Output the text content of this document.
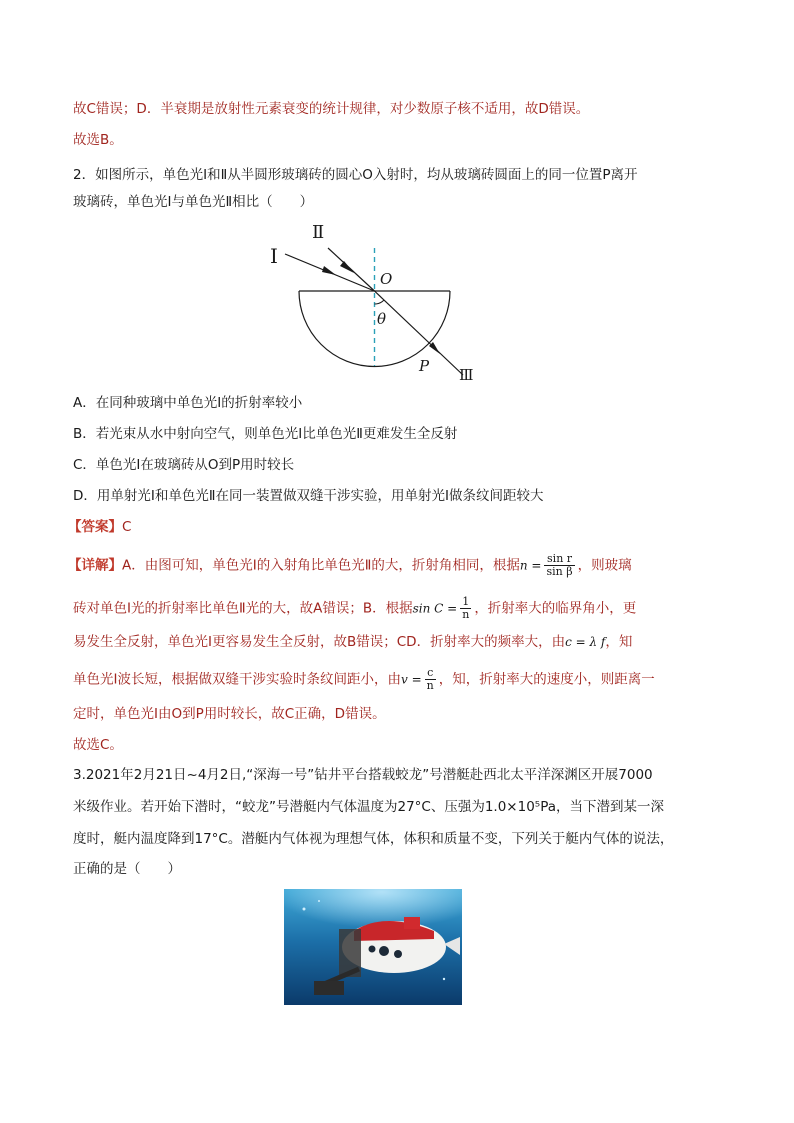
故C错误；D．半衰期是放射性元素衰变的统计规律，对少数原子核不适用，故D错误。
故选B。
2．如图所示，单色光Ⅰ和Ⅱ从半圆形玻璃砖的圆心O入射时，均从玻璃砖圆面上的同一位置P离开
玻璃砖，单色光Ⅰ与单色光Ⅱ相比（　　）
Ⅰ
Ⅱ
O
θ
P Ⅲ
A．在同种玻璃中单色光Ⅰ的折射率较小
B．若光束从水中射向空气，则单色光Ⅰ比单色光Ⅱ更难发生全反射
C．单色光Ⅰ在玻璃砖从O到P用时较长
D．用单射光Ⅰ和单色光Ⅱ在同一装置做双缝干涉实验，用单射光Ⅰ做条纹间距较大
【答案】C
【详解】A．由图可知，单色光Ⅰ的入射角比单色光Ⅱ的大，折射角相同，根据$n = \frac{\text{sin r}}{\text{sin β}}$ ，则玻璃
砖对单色Ⅰ光的折射率比单色Ⅱ光的大，故A错误；B．根据$\sin C = \frac{1}{n}$ ，折射率大的临界角小，更
易发生全反射，单色光Ⅰ更容易发生全反射，故B错误；CD．折射率大的频率大，由c = λ f，知
单色光Ⅰ波长短，根据做双缝干涉实验时条纹间距小，由$v = \frac{c}{n}$ ，知，折射率大的速度小，则距离一
定时，单色光Ⅰ由O到P用时较长，故C正确，D错误。
故选C。
3.2021年2月21日~4月2日,“深海一号”钻井平台搭载蛟龙”号潜艇赴西北太平洋深渊区开展7000
米级作业。若开始下潜时，“蛟龙”号潜艇内气体温度为27°C、压强为1.0×10⁵Pa，当下潜到某一深
度时，艇内温度降到17°C。潜艇内气体视为理想气体，体积和质量不变，下列关于艇内气体的说法，
正确的是（　　）
